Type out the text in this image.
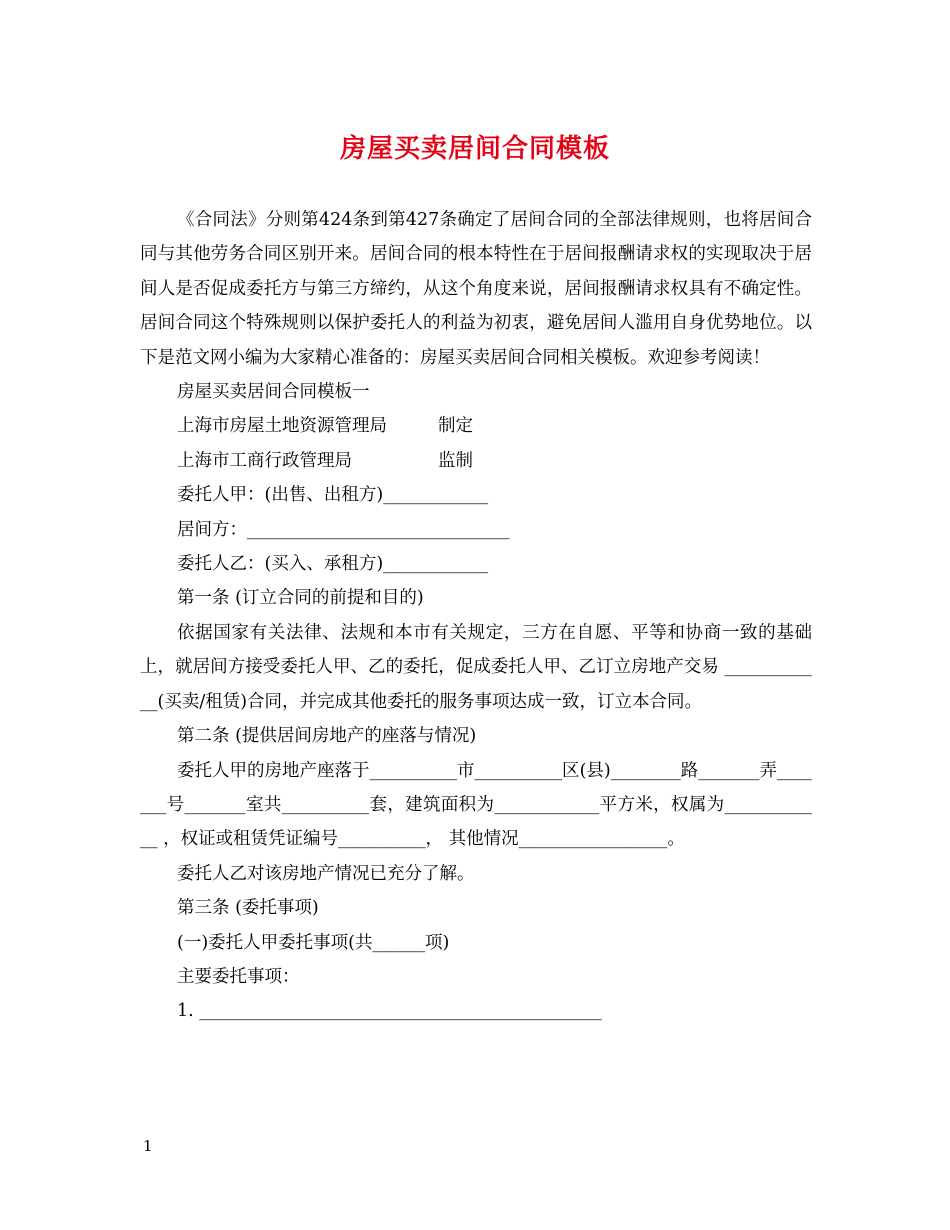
房屋买卖居间合同模板

《合同法》分则第424条到第427条确定了居间合同的全部法律规则，也将居间合同与其他劳务合同区别开来。居间合同的根本特性在于居间报酬请求权的实现取决于居间人是否促成委托方与第三方缔约，从这个角度来说，居间报酬请求权具有不确定性。居间合同这个特殊规则以保护委托人的利益为初衷，避免居间人滥用自身优势地位。以下是范文网小编为大家精心准备的：房屋买卖居间合同相关模板。欢迎参考阅读！

房屋买卖居间合同模板一
上海市房屋土地资源管理局	制定
上海市工商行政管理局	监制
委托人甲：(出售、出租方)____________
居间方：______________________________
委托人乙：(买入、承租方)____________
第一条 (订立合同的前提和目的)

依据国家有关法律、法规和本市有关规定，三方在自愿、平等和协商一致的基础上，就居间方接受委托人甲、乙的委托，促成委托人甲、乙订立房地产交易 ____________(买卖/租赁)合同，并完成其他委托的服务事项达成一致，订立本合同。

第二条 (提供居间房地产的座落与情况)

委托人甲的房地产座落于__________市__________区(县)________路_______弄_______号_______室共__________套，建筑面积为____________平方米，权属为____________ ，权证或租赁凭证编号__________， 其他情况_________________。

委托人乙对该房地产情况已充分了解。
第三条 (委托事项)
(一)委托人甲委托事项(共______项)
主要委托事项：
1. ______________________________________________
1
